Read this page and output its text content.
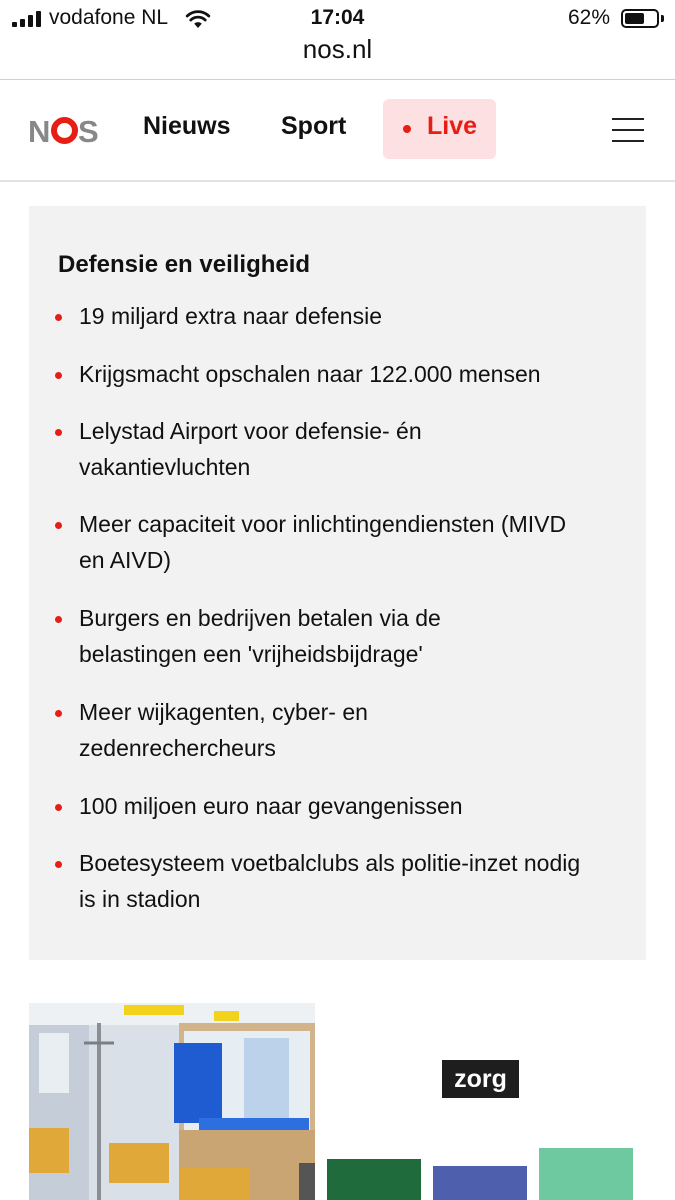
vodafone NL	17:04	62%
nos.nl
N S Nieuws Sport	Live
Defensie en veiligheid
19 miljard extra naar defensie
Krijgsmacht opschalen naar 122.000 mensen
Lelystad Airport voor defensie- én vakantievluchten
Meer capaciteit voor inlichtingendiensten (MIVD en AIVD)
Burgers en bedrijven betalen via de belastingen een 'vrijheidsbijdrage'
Meer wijkagenten, cyber- en zedenrechercheurs
100 miljoen euro naar gevangenissen
Boetesysteem voetbalclubs als politie-inzet nodig is in stadion
zorg
